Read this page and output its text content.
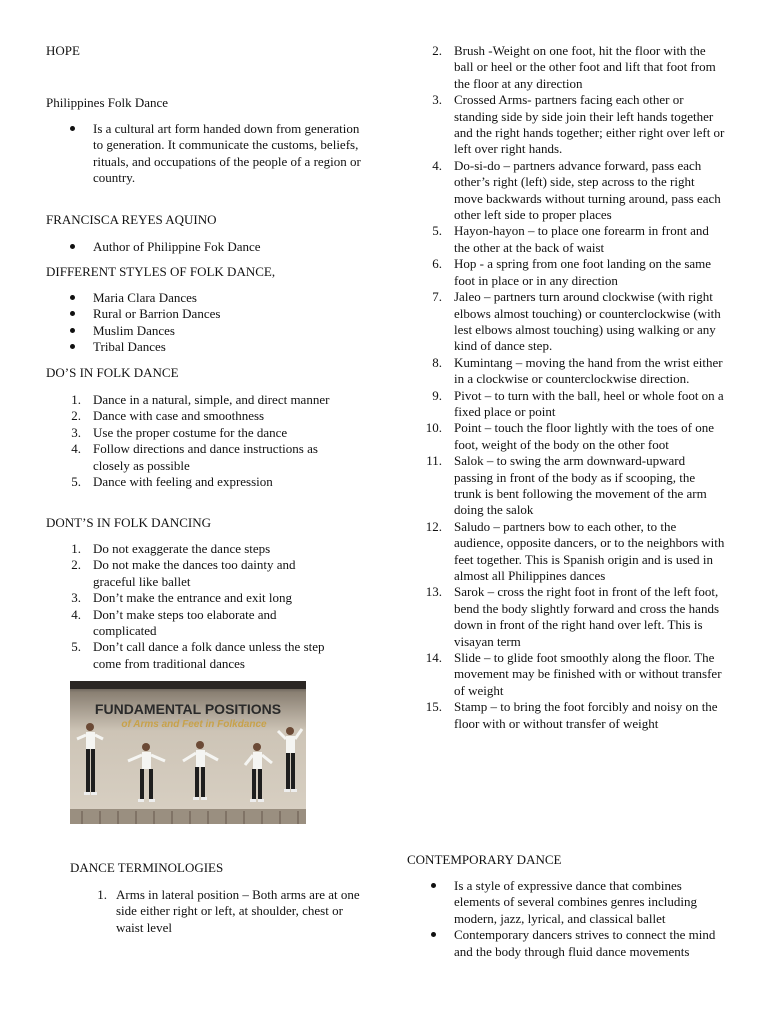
HOPE

Philippines Folk Dance

Is a cultural art form handed down from generation to generation. It communicate the customs, beliefs, rituals, and occupations of the people of a region or country.

FRANCISCA REYES AQUINO

Author of Philippine Fok Dance

DIFFERENT STYLES OF FOLK DANCE,

Maria Clara Dances
Rural or Barrion Dances
Muslim Dances
Tribal Dances

DO’S IN FOLK DANCE

1. Dance in a natural, simple, and direct manner
2. Dance with case and smoothness
3. Use the proper costume for the dance
4. Follow directions and dance instructions as closely as possible
5. Dance with feeling and expression

DONT’S IN FOLK DANCING

1. Do not exaggerate the dance steps
2. Do not make the dances too dainty and graceful like ballet
3. Don’t make the entrance and exit long
4. Don’t make steps too elaborate and complicated
5. Don’t call dance a folk dance unless the step come from traditional dances
FUNDAMENTAL POSITIONS
of Arms and Feet in Folkdance

DANCE TERMINOLOGIES

1. Arms in lateral position – Both arms are at one side either right or left, at shoulder, chest or waist level
2. Brush -Weight on one foot, hit the floor with the ball or heel or the other foot and lift that foot from the floor at any direction
3. Crossed Arms- partners facing each other or standing side by side join their left hands together and the right hands together; either right over left or left over right hands.
4. Do-si-do – partners advance forward, pass each other’s right (left) side, step across to the right move backwards without turning around, pass each other left side to proper places
5. Hayon-hayon – to place one forearm in front and the other at the back of waist
6. Hop - a spring from one foot landing on the same foot in place or in any direction
7. Jaleo – partners turn around clockwise (with right elbows almost touching) or counterclockwise (with lest elbows almost touching) using walking or any kind of dance step.
8. Kumintang – moving the hand from the wrist either in a clockwise or counterclockwise direction.
9. Pivot – to turn with the ball, heel or whole foot on a fixed place or point
10. Point – touch the floor lightly with the toes of one foot, weight of the body on the other foot
11. Salok – to swing the arm downward-upward passing in front of the body as if scooping, the trunk is bent following the movement of the arm doing the salok
12. Saludo – partners bow to each other, to the audience, opposite dancers, or to the neighbors with feet together. This is Spanish origin and is used in almost all Philippines dances
13. Sarok – cross the right foot in front of the left foot, bend the body slightly forward and cross the hands down in front of the right hand over left. This is visayan term
14. Slide – to glide foot smoothly along the floor. The movement may be finished with or without transfer of weight
15. Stamp – to bring the foot forcibly and noisy on the floor with or without transfer of weight

CONTEMPORARY DANCE

Is a style of expressive dance that combines elements of several combines genres including modern, jazz, lyrical, and classical ballet
Contemporary dancers strives to connect the mind and the body through fluid dance movements
